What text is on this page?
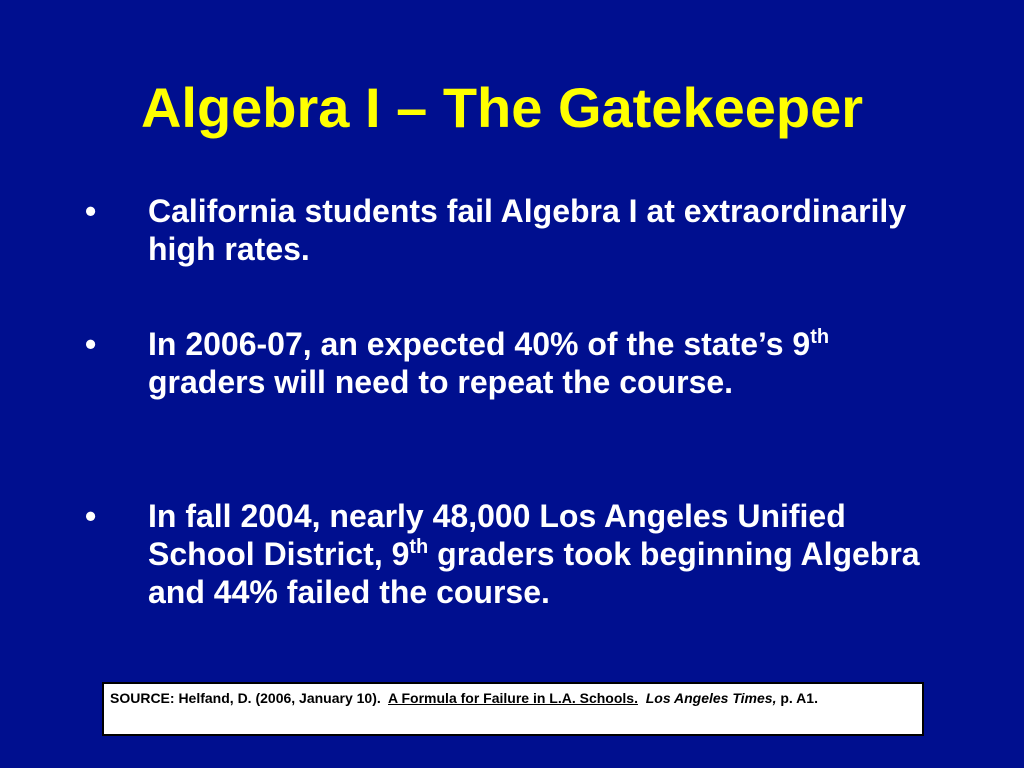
Algebra I – The Gatekeeper
• California students fail Algebra I at extraordinarily high rates.

• In 2006-07, an expected 40% of the state’s 9th graders will need to repeat the course.

• In fall 2004, nearly 48,000 Los Angeles Unified School District, 9th graders took beginning Algebra and 44% failed the course.

SOURCE: Helfand, D. (2006, January 10).  A Formula for Failure in L.A. Schools. Los Angeles Times, p. A1.
